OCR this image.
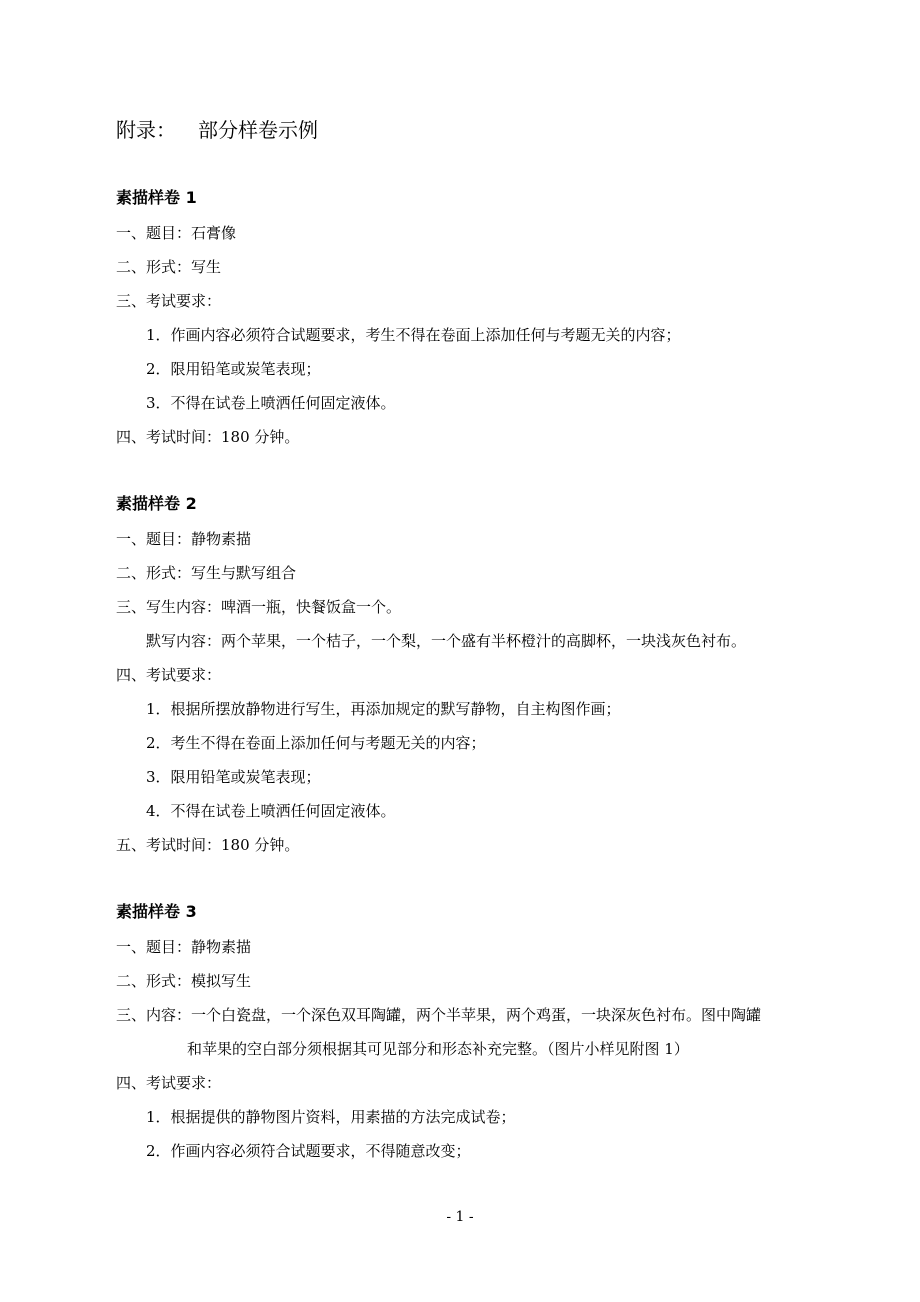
附录： 部分样卷示例
素描样卷 1
一、题目：石膏像
二、形式：写生
三、考试要求：
1．作画内容必须符合试题要求，考生不得在卷面上添加任何与考题无关的内容；
2．限用铅笔或炭笔表现；
3．不得在试卷上喷洒任何固定液体。
四、考试时间：180 分钟。
素描样卷 2
一、题目：静物素描
二、形式：写生与默写组合
三、写生内容：啤酒一瓶，快餐饭盒一个。
默写内容：两个苹果，一个桔子，一个梨，一个盛有半杯橙汁的高脚杯，一块浅灰色衬布。
四、考试要求：
1．根据所摆放静物进行写生，再添加规定的默写静物，自主构图作画；
2．考生不得在卷面上添加任何与考题无关的内容；
3．限用铅笔或炭笔表现；
4．不得在试卷上喷洒任何固定液体。
五、考试时间：180 分钟。
素描样卷 3
一、题目：静物素描
二、形式：模拟写生
三、内容：一个白瓷盘，一个深色双耳陶罐，两个半苹果，两个鸡蛋，一块深灰色衬布。图中陶罐
和苹果的空白部分须根据其可见部分和形态补充完整。（图片小样见附图 1）
四、考试要求：
1．根据提供的静物图片资料，用素描的方法完成试卷；
2．作画内容必须符合试题要求，不得随意改变；
- 1 -
